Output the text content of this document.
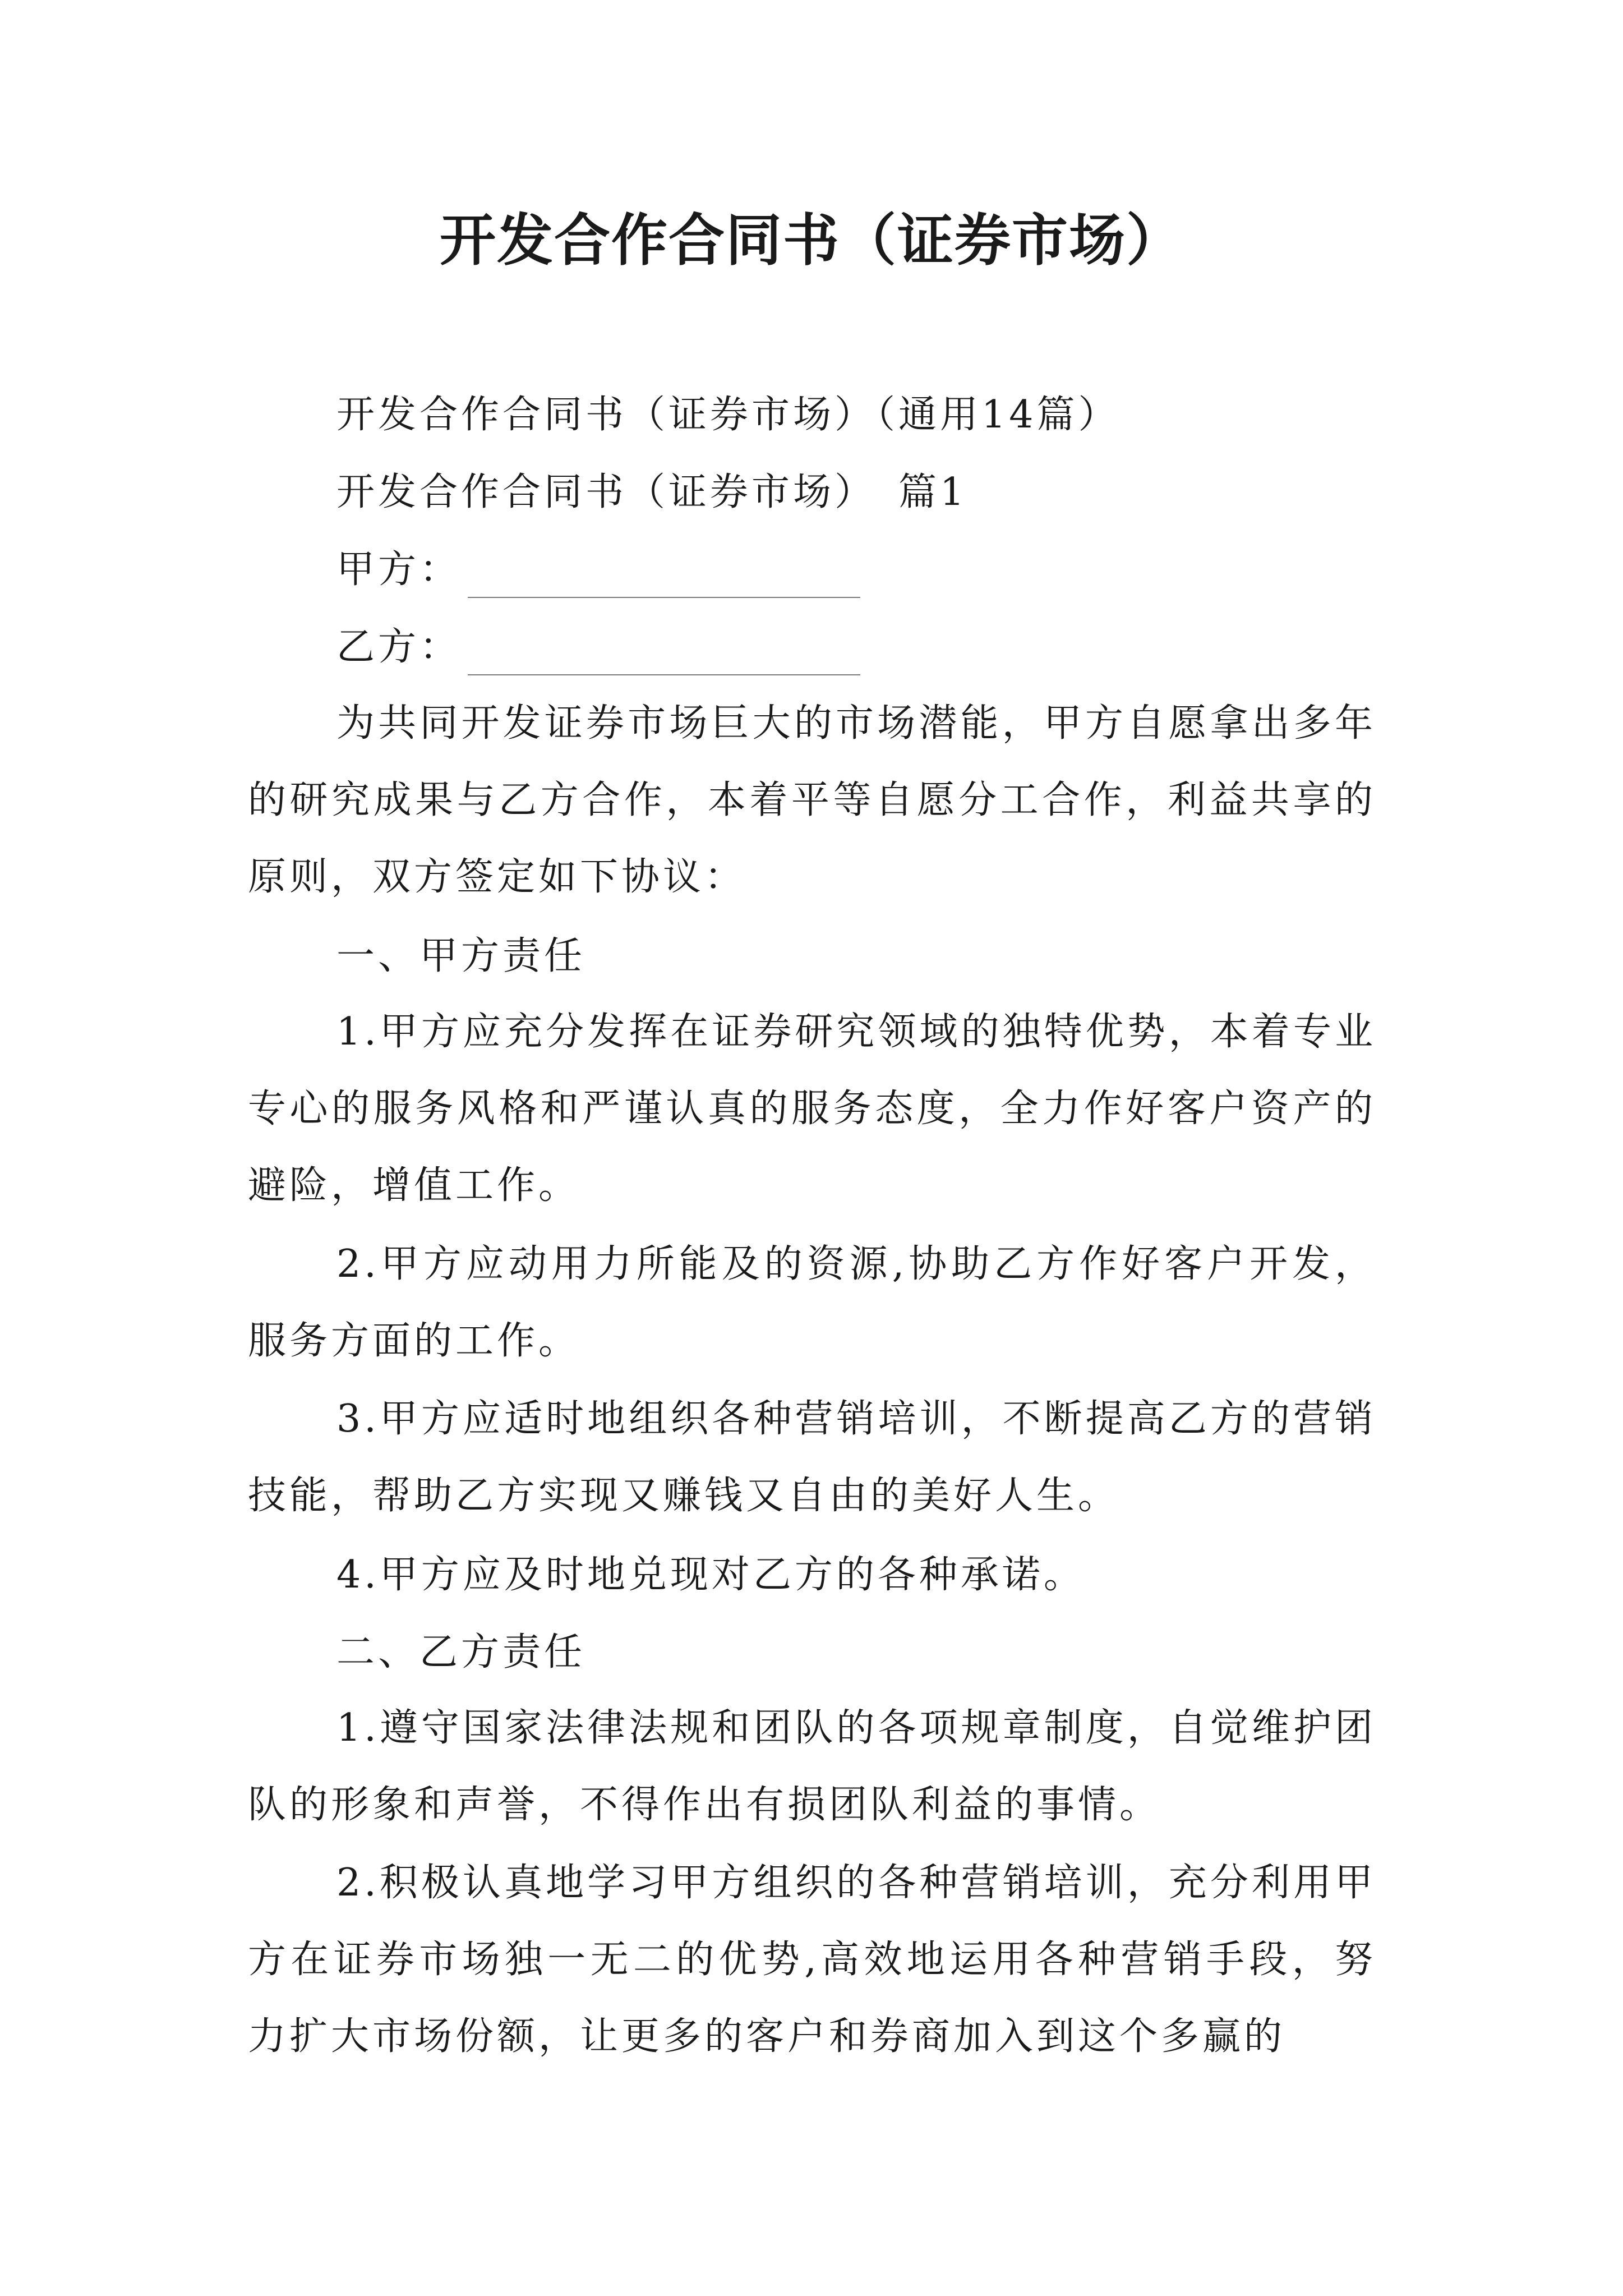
开发合作合同书（证券市场）
开发合作合同书（证券市场）（通用14篇）
开发合作合同书（证券市场）　篇1
甲方：
乙方：
为共同开发证券市场巨大的市场潜能，甲方自愿拿出多年的研究成果与乙方合作，本着平等自愿分工合作，利益共享的原则，双方签定如下协议：
一、甲方责任
1.甲方应充分发挥在证券研究领域的独特优势，本着专业专心的服务风格和严谨认真的服务态度，全力作好客户资产的避险，增值工作。
2.甲方应动用力所能及的资源,协助乙方作好客户开发，服务方面的工作。
3.甲方应适时地组织各种营销培训，不断提高乙方的营销技能，帮助乙方实现又赚钱又自由的美好人生。
4.甲方应及时地兑现对乙方的各种承诺。
二、乙方责任
1.遵守国家法律法规和团队的各项规章制度，自觉维护团队的形象和声誉，不得作出有损团队利益的事情。
2.积极认真地学习甲方组织的各种营销培训，充分利用甲方在证券市场独一无二的优势,高效地运用各种营销手段，努力扩大市场份额，让更多的客户和券商加入到这个多赢的
